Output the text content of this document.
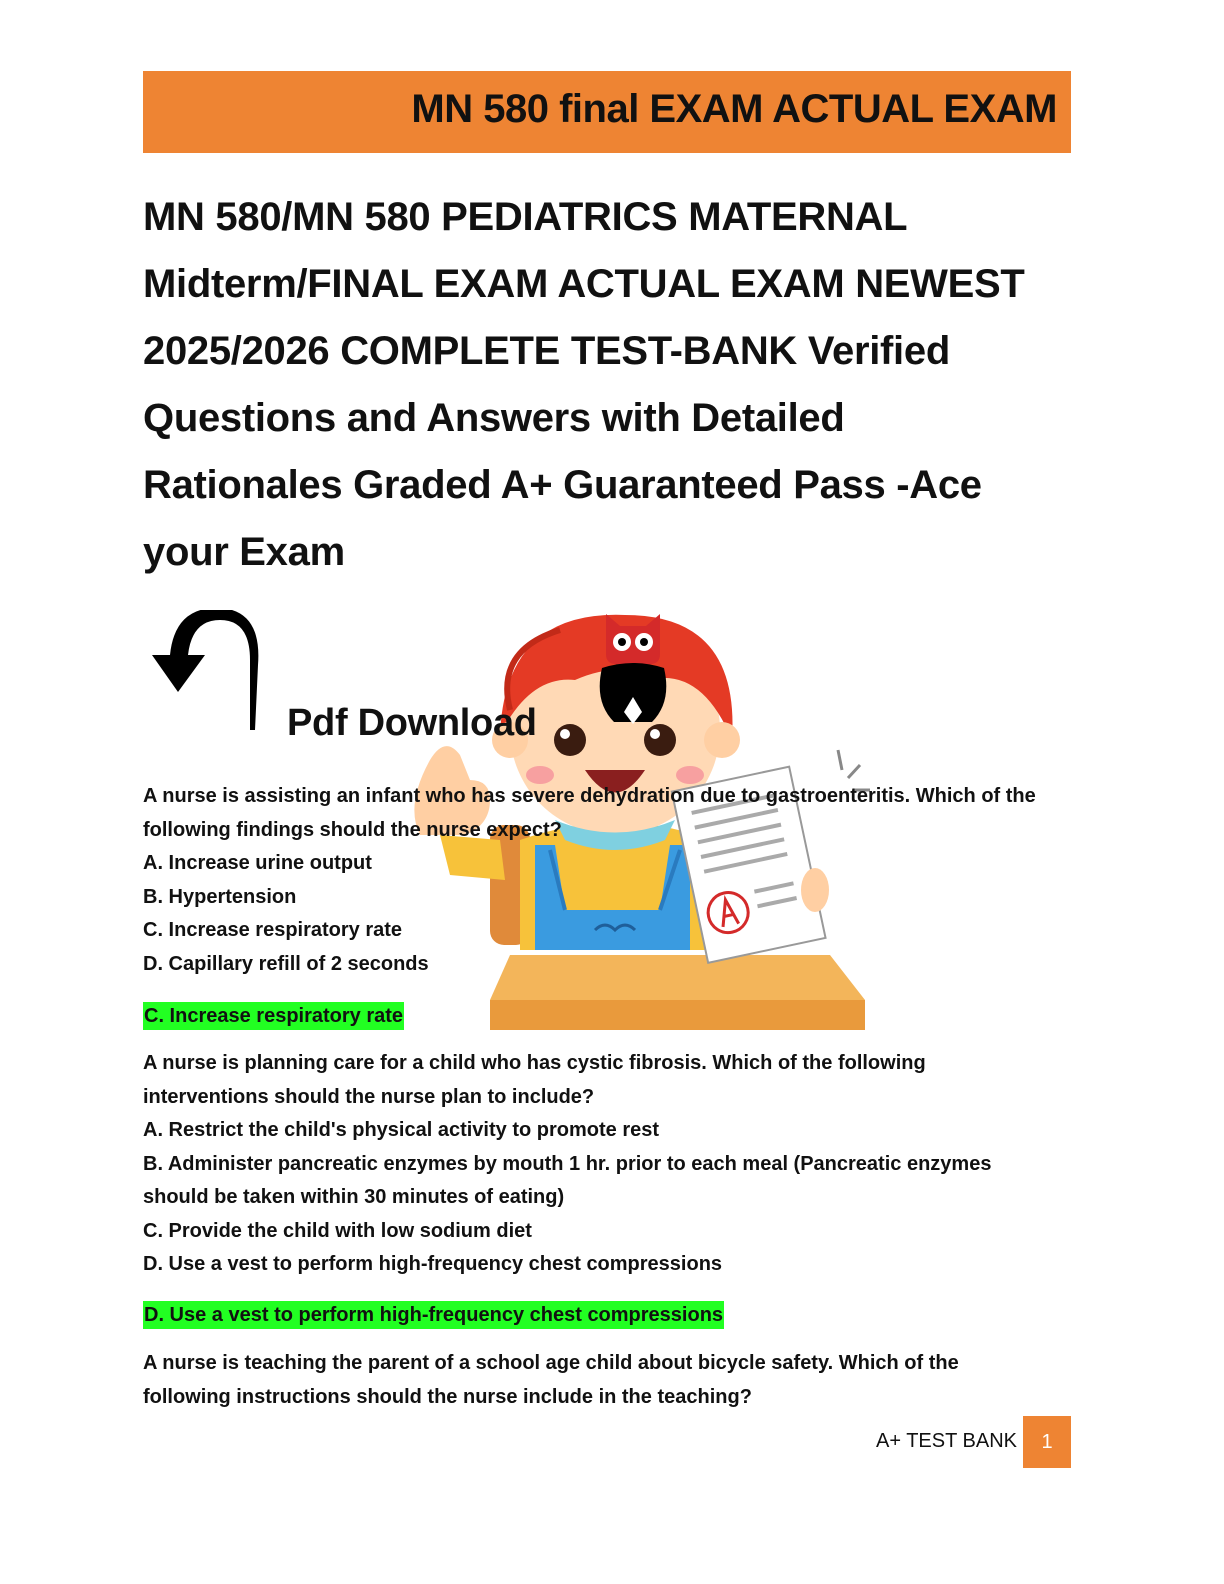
MN 580 final EXAM ACTUAL EXAM
MN 580/MN 580 PEDIATRICS MATERNAL
Midterm/FINAL EXAM ACTUAL EXAM NEWEST
2025/2026 COMPLETE TEST-BANK Verified
Questions and Answers with Detailed
Rationales Graded A+ Guaranteed Pass -Ace
your Exam
Pdf Download

A nurse is assisting an infant who has severe dehydration due to gastroenteritis. Which of the

following findings should the nurse expect?

A. Increase urine output

B. Hypertension

C. Increase respiratory rate

D. Capillary refill of 2 seconds

C. Increase respiratory rate

A nurse is planning care for a child who has cystic fibrosis. Which of the following

interventions should the nurse plan to include?

A. Restrict the child's physical activity to promote rest

B. Administer pancreatic enzymes by mouth 1 hr. prior to each meal (Pancreatic enzymes

should be taken within 30 minutes of eating)

C. Provide the child with low sodium diet

D. Use a vest to perform high-frequency chest compressions

D. Use a vest to perform high-frequency chest compressions

A nurse is teaching the parent of a school age child about bicycle safety. Which of the

following instructions should the nurse include in the teaching?

A+ TEST BANK	1
